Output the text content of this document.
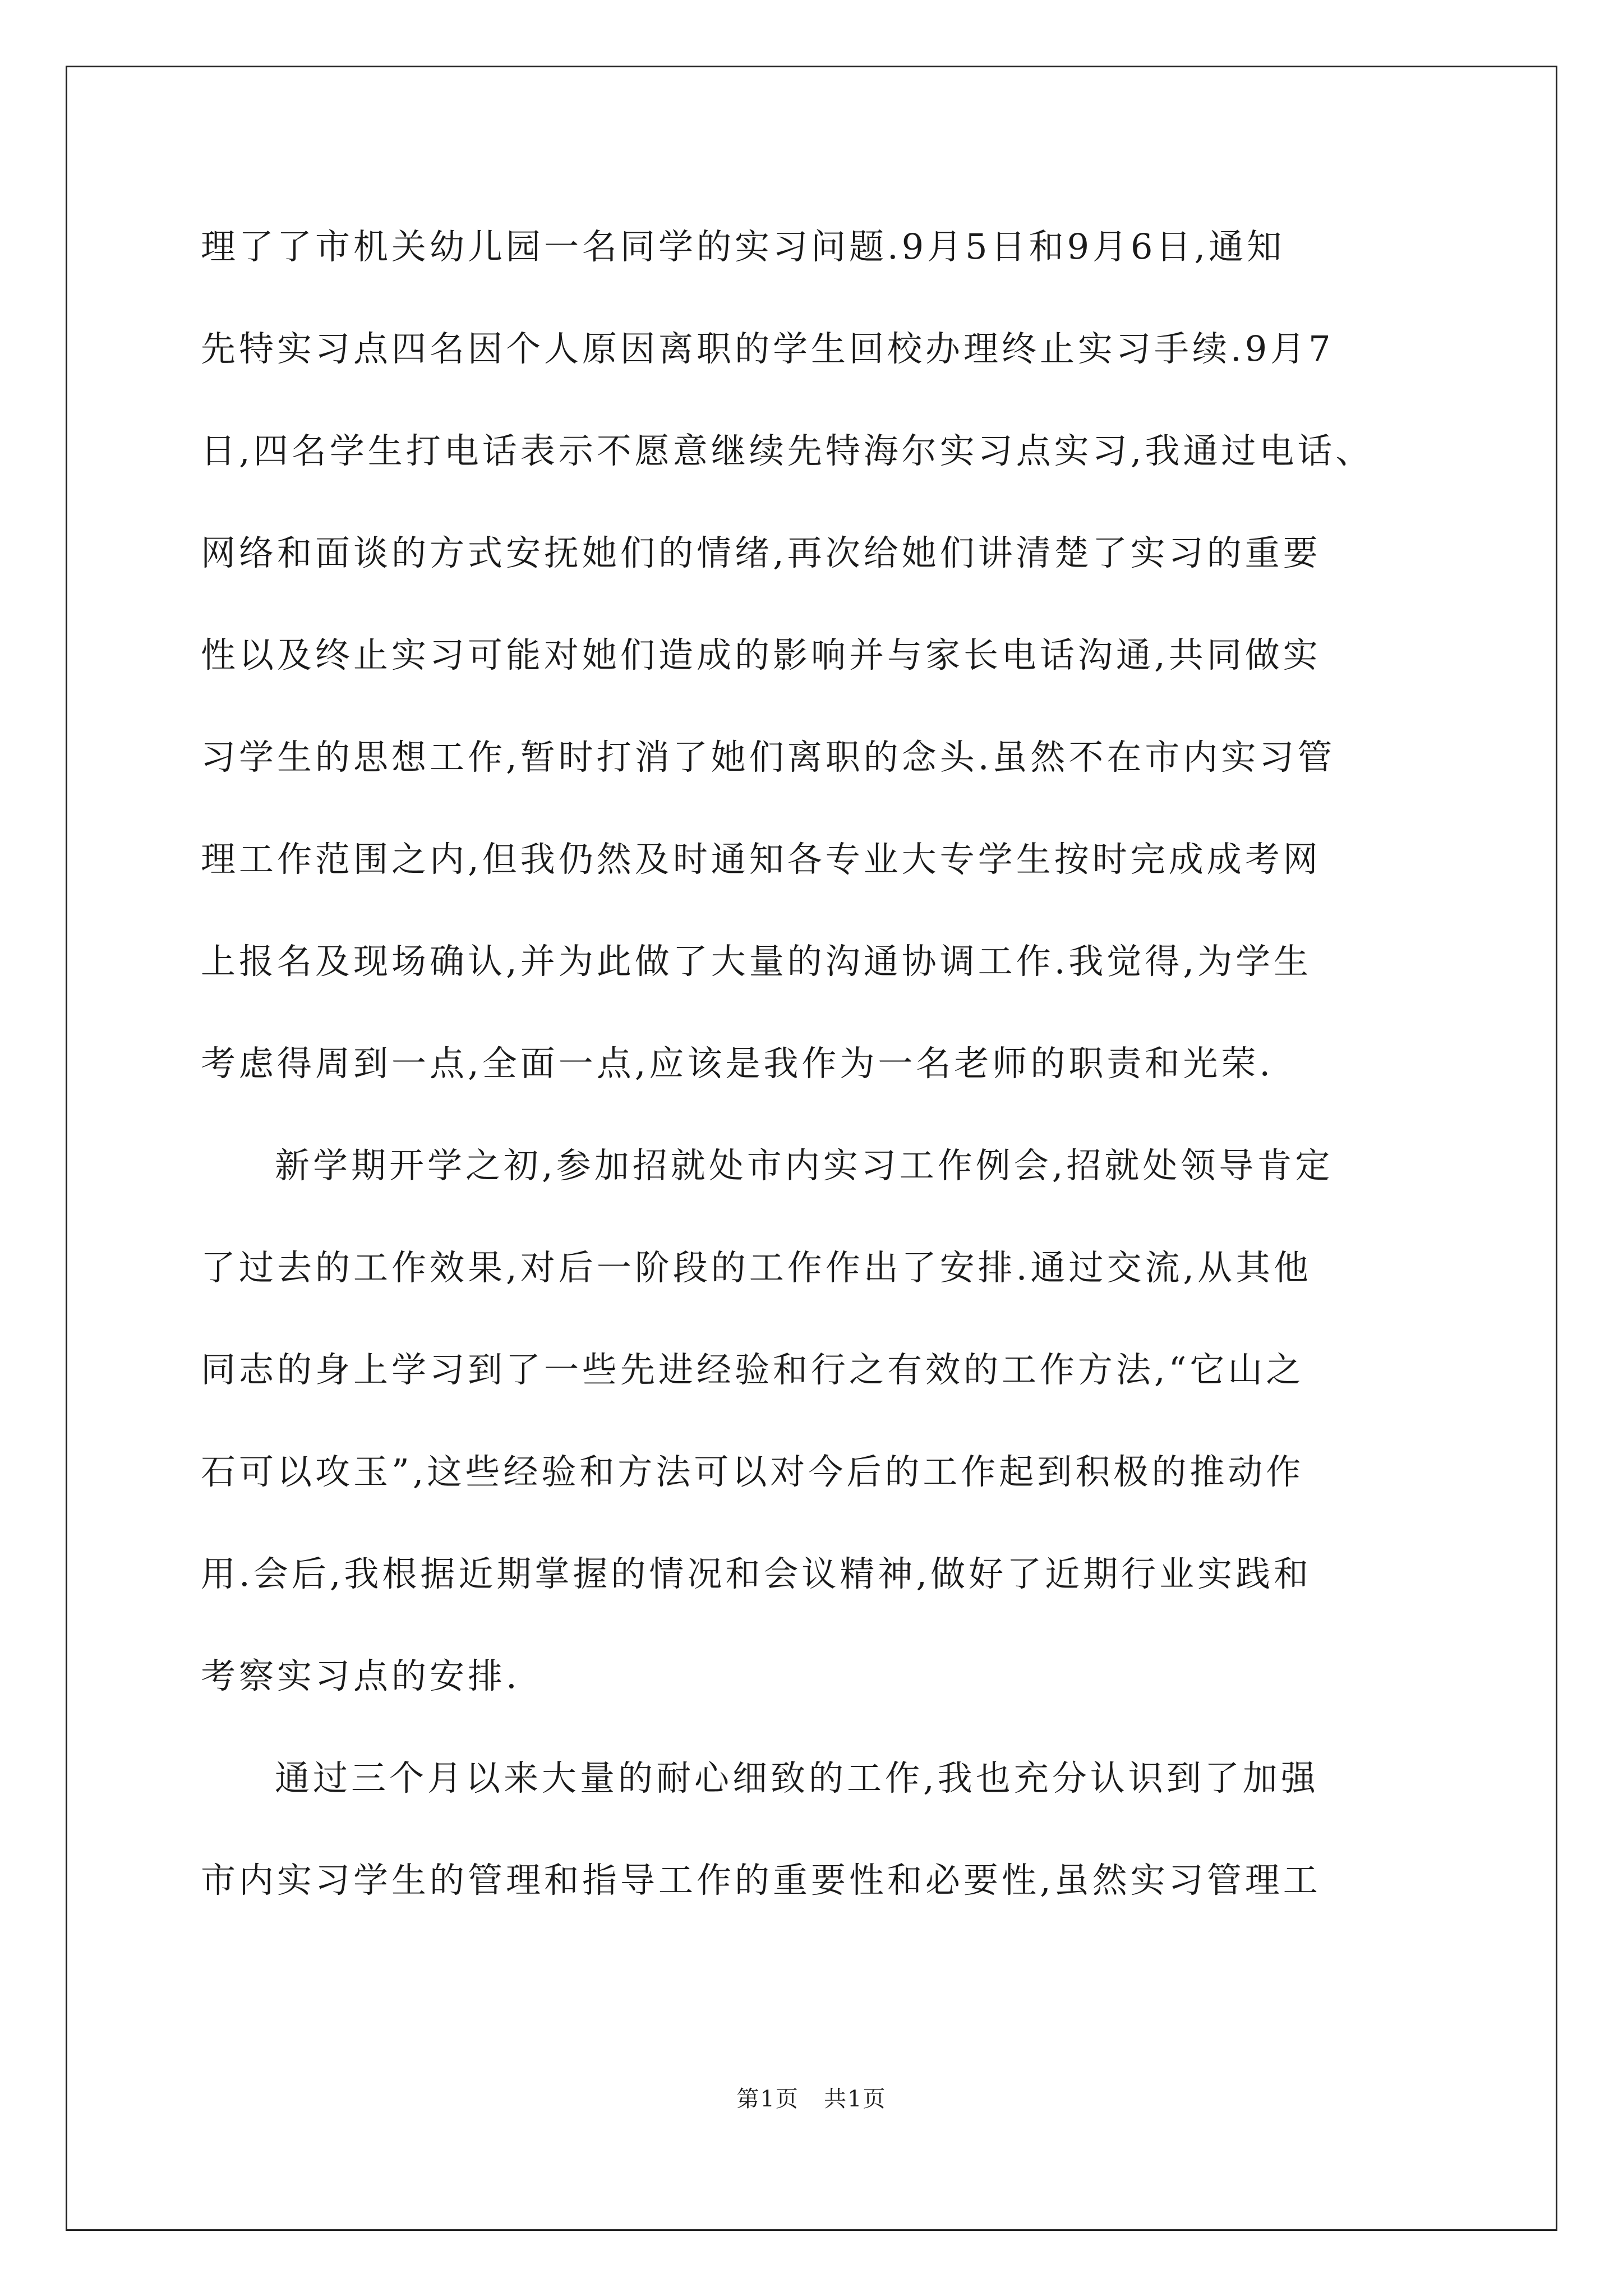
理了了市机关幼儿园一名同学的实习问题.9月5日和9月6日,通知
先特实习点四名因个人原因离职的学生回校办理终止实习手续.9月7
日,四名学生打电话表示不愿意继续先特海尔实习点实习,我通过电话、
网络和面谈的方式安抚她们的情绪,再次给她们讲清楚了实习的重要
性以及终止实习可能对她们造成的影响并与家长电话沟通,共同做实
习学生的思想工作,暂时打消了她们离职的念头.虽然不在市内实习管
理工作范围之内,但我仍然及时通知各专业大专学生按时完成成考网
上报名及现场确认,并为此做了大量的沟通协调工作.我觉得,为学生
考虑得周到一点,全面一点,应该是我作为一名老师的职责和光荣.
新学期开学之初,参加招就处市内实习工作例会,招就处领导肯定
了过去的工作效果,对后一阶段的工作作出了安排.通过交流,从其他
同志的身上学习到了一些先进经验和行之有效的工作方法,“它山之
石可以攻玉”,这些经验和方法可以对今后的工作起到积极的推动作
用.会后,我根据近期掌握的情况和会议精神,做好了近期行业实践和
考察实习点的安排.
通过三个月以来大量的耐心细致的工作,我也充分认识到了加强
市内实习学生的管理和指导工作的重要性和必要性,虽然实习管理工
第1页   共1页
